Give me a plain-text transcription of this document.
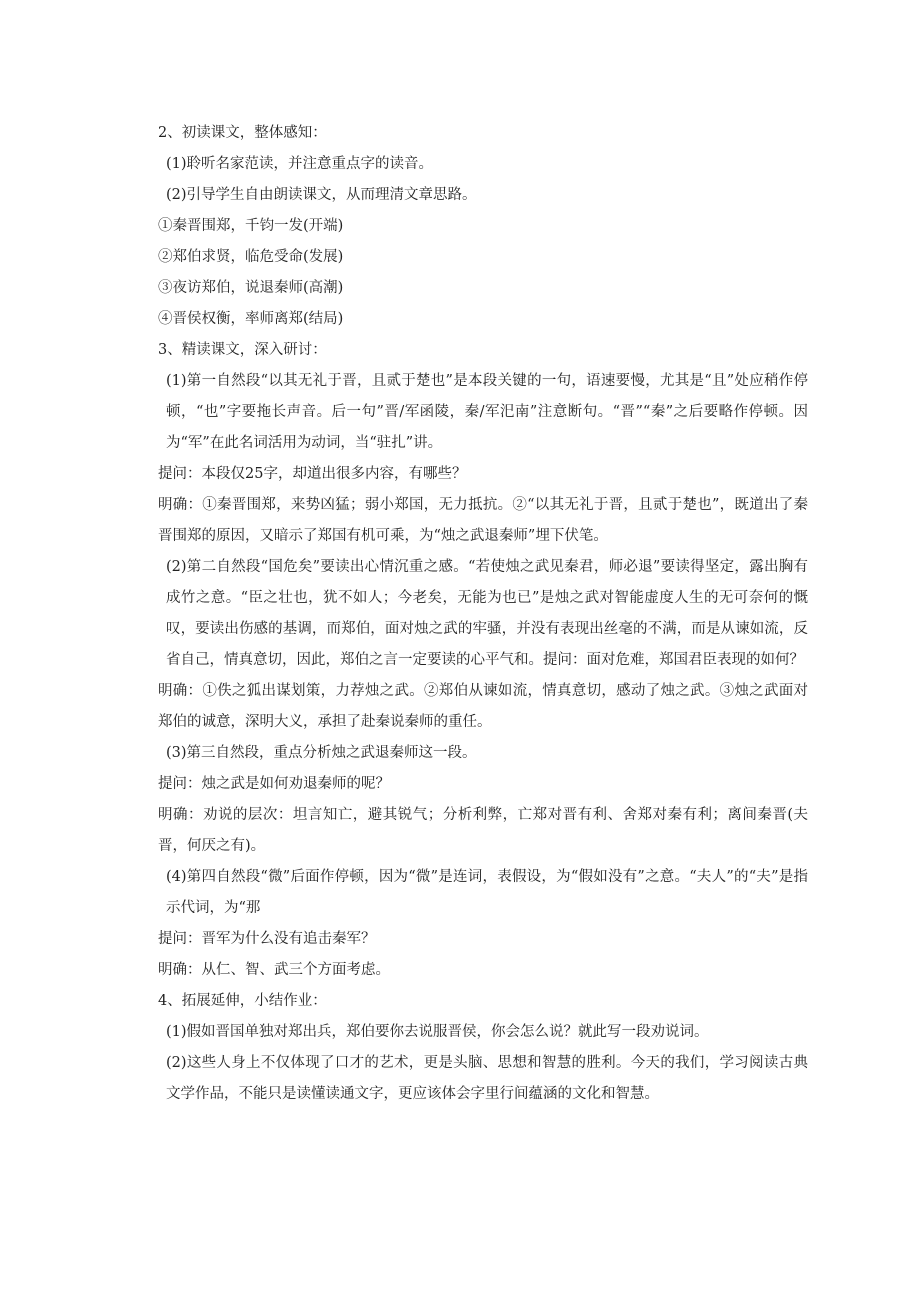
2、初读课文，整体感知：

(1)聆听名家范读，并注意重点字的读音。

(2)引导学生自由朗读课文，从而理清文章思路。

①秦晋围郑，千钧一发(开端)

②郑伯求贤，临危受命(发展)

③夜访郑伯，说退秦师(高潮)

④晋侯权衡，率师离郑(结局)

3、精读课文，深入研讨：

(1)第一自然段“以其无礼于晋，且贰于楚也”是本段关键的一句，语速要慢，尤其是“且”处应稍作停顿，“也”字要拖长声音。后一句”晋/军函陵，秦/军汜南”注意断句。“晋”“秦”之后要略作停顿。因为“军”在此名词活用为动词，当“驻扎”讲。

提问：本段仅25字，却道出很多内容，有哪些？

明确：①秦晋围郑，来势凶猛；弱小郑国，无力抵抗。②“以其无礼于晋，且贰于楚也”，既道出了秦晋围郑的原因，又暗示了郑国有机可乘，为“烛之武退秦师”埋下伏笔。

(2)第二自然段“国危矣”要读出心情沉重之感。“若使烛之武见秦君，师必退”要读得坚定，露出胸有成竹之意。“臣之壮也，犹不如人；今老矣，无能为也已”是烛之武对智能虚度人生的无可奈何的慨叹，要读出伤感的基调，而郑伯，面对烛之武的牢骚，并没有表现出丝毫的不满，而是从谏如流，反省自己，情真意切，因此，郑伯之言一定要读的心平气和。提问：面对危难，郑国君臣表现的如何？

明确：①佚之狐出谋划策，力荐烛之武。②郑伯从谏如流，情真意切，感动了烛之武。③烛之武面对郑伯的诚意，深明大义，承担了赴秦说秦师的重任。

(3)第三自然段，重点分析烛之武退秦师这一段。

提问：烛之武是如何劝退秦师的呢？

明确：劝说的层次：坦言知亡，避其锐气；分析利弊，亡郑对晋有利、舍郑对秦有利；离间秦晋(夫晋，何厌之有)。

(4)第四自然段“微”后面作停顿，因为“微”是连词，表假设，为“假如没有”之意。“夫人”的“夫”是指示代词，为“那

提问：晋军为什么没有追击秦军？

明确：从仁、智、武三个方面考虑。

4、拓展延伸，小结作业：

(1)假如晋国单独对郑出兵，郑伯要你去说服晋侯，你会怎么说？就此写一段劝说词。

(2)这些人身上不仅体现了口才的艺术，更是头脑、思想和智慧的胜利。今天的我们，学习阅读古典文学作品，不能只是读懂读通文字，更应该体会字里行间蕴涵的文化和智慧。
